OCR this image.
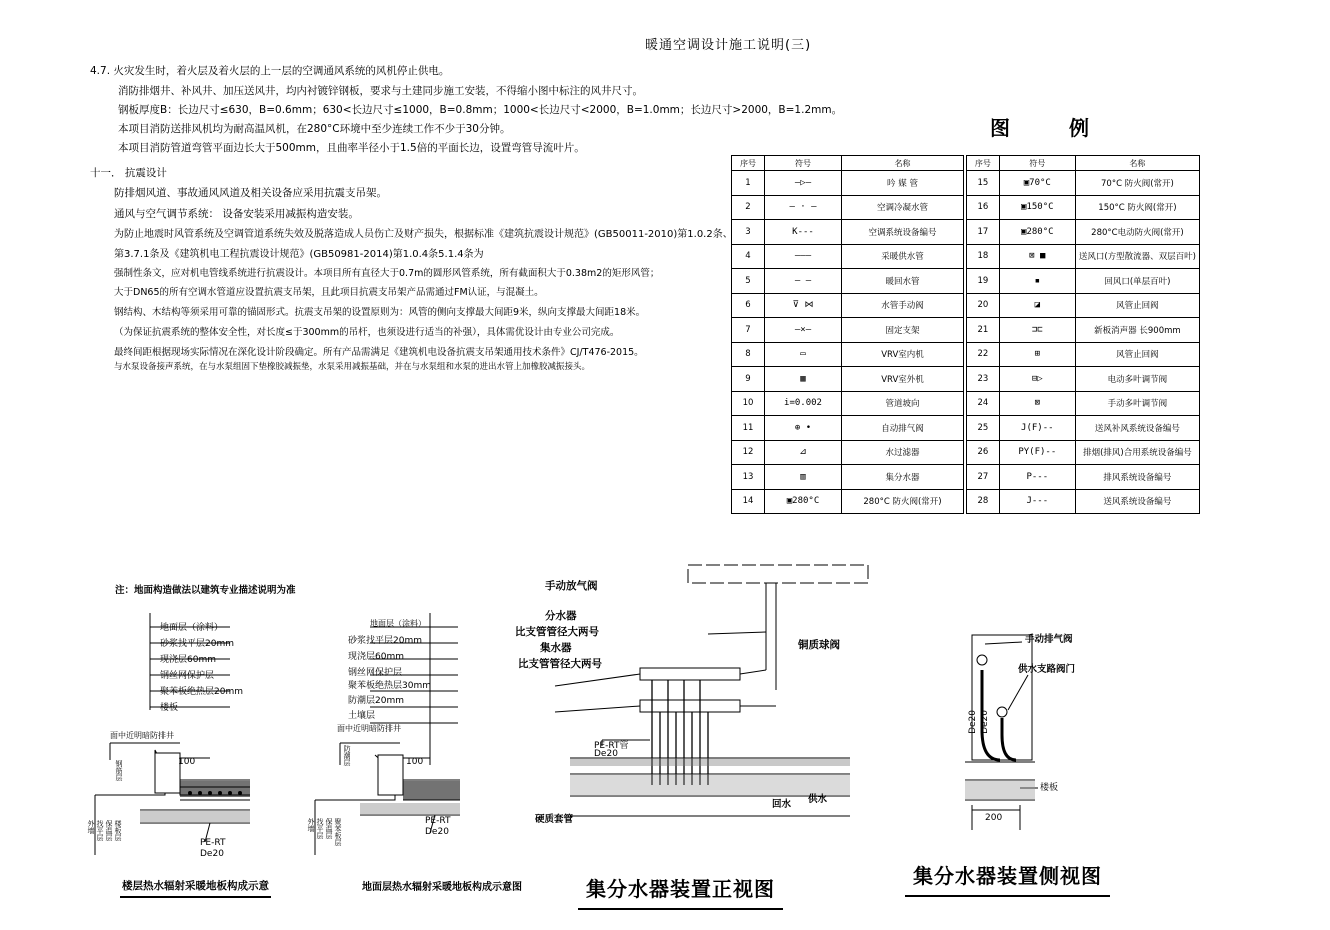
暖通空调设计施工说明(三)
4.7. 火灾发生时，着火层及着火层的上一层的空调通风系统的风机停止供电。
消防排烟井、补风井、加压送风井，均内衬镀锌钢板，要求与土建同步施工安装，不得缩小图中标注的风井尺寸。
钢板厚度B：长边尺寸≤630，B=0.6mm；630<长边尺寸≤1000，B=0.8mm；1000<长边尺寸<2000，B=1.0mm；长边尺寸>2000，B=1.2mm。
本项目消防送排风机均为耐高温风机，在280°C环境中至少连续工作不少于30分钟。
本项目消防管道弯管平面边长大于500mm，且曲率半径小于1.5倍的平面长边，设置弯管导流叶片。
十一． 抗震设计
防排烟风道、事故通风风道及相关设备应采用抗震支吊架。
通风与空气调节系统： 设备安装采用减振构造安装。
为防止地震时风管系统及空调管道系统失效及脱落造成人员伤亡及财产损失，根据标准《建筑抗震设计规范》(GB50011-2010)第1.0.2条、
第3.7.1条及《建筑机电工程抗震设计规范》(GB50981-2014)第1.0.4条5.1.4条为
强制性条文，应对机电管线系统进行抗震设计。本项目所有直径大于0.7m的圆形风管系统，所有截面积大于0.38m2的矩形风管；
大于DN65的所有空调水管道应设置抗震支吊架，且此项目抗震支吊架产品需通过FM认证，与混凝土。
钢结构、木结构等须采用可靠的锚固形式。抗震支吊架的设置原则为：风管的侧向支撑最大间距9米，纵向支撑最大间距18米。
（为保证抗震系统的整体安全性，对长度≤于300mm的吊杆，也须设进行适当的补强），具体需优设计由专业公司完成。
最终间距根据现场实际情况在深化设计阶段确定。所有产品需满足《建筑机电设备抗震支吊架通用技术条件》CJ/T476-2015。
与水泵设备接声系统，在与水泵组固下垫橡胶减振垫，水泵采用减振基础，并在与水泵组和水泵的进出水管上加橡胶减振接头。
图 例
序号	符号	名称
1	—▷—	吟 媒 管
2	— · —	空调冷凝水管
3	K---	空调系统设备编号
4	———	采暖供水管
5	— —	暖回水管
6	⊽ ⋈	水管手动阀
7	—×—	固定支架
8	▭	VRV室内机
9	▦	VRV室外机
10	i=0.002	管道坡向
11	⊕ •	自动排气阀
12	⊿	水过滤器
13	▥	集分水器
14	▣280°C	280°C 防火阀(常开)
序号	符号	名称
15	▣70°C	70°C 防火阀(常开)
16	▣150°C	150°C 防火阀(常开)
17	▣280°C	280°C电动防火阀(常开)
18	⊠ ■	送风口(方型散流器、双层百叶)
19	▪	回风口(单层百叶)
20	◪	风管止回阀
21	⊐⊏	新板消声器 长900mm
22	⊞	风管止回阀
23	⊟▷	电动多叶调节阀
24	⊠	手动多叶调节阀
25	J(F)--	送风补风系统设备编号
26	PY(F)--	排烟(排风)合用系统设备编号
27	P---	排风系统设备编号
28	J---	送风系统设备编号
注：地面构造做法以建筑专业描述说明为准
地面层（涂料）
砂浆找平层20mm
现浇层60mm
钢丝网保护层
聚苯板绝热层20mm
楼板
面中近明暗防排井
100
钢筋层
外墙 找平层 保温层 楼板层
PE-RT
De20
楼层热水辐射采暖地板构成示意
地面层（涂料）
砂浆找平层20mm
现浇层60mm
钢丝网保护层
聚苯板绝热层30mm
防潮层20mm
土壤层
面中近明暗防排井
100
防潮层
外墙 找平层 保温层 聚苯板层	PE-RT
De20
地面层热水辐射采暖地板构成示意图
手动放气阀
分水器
比支管管径大两号
集水器
比支管管径大两号
铜质球阀
PE-RT管
De20
硬质套管
回水 供水
集分水器装置正视图
手动排气阀
供水支路阀门
De20 De20
楼板
200
集分水器装置侧视图
